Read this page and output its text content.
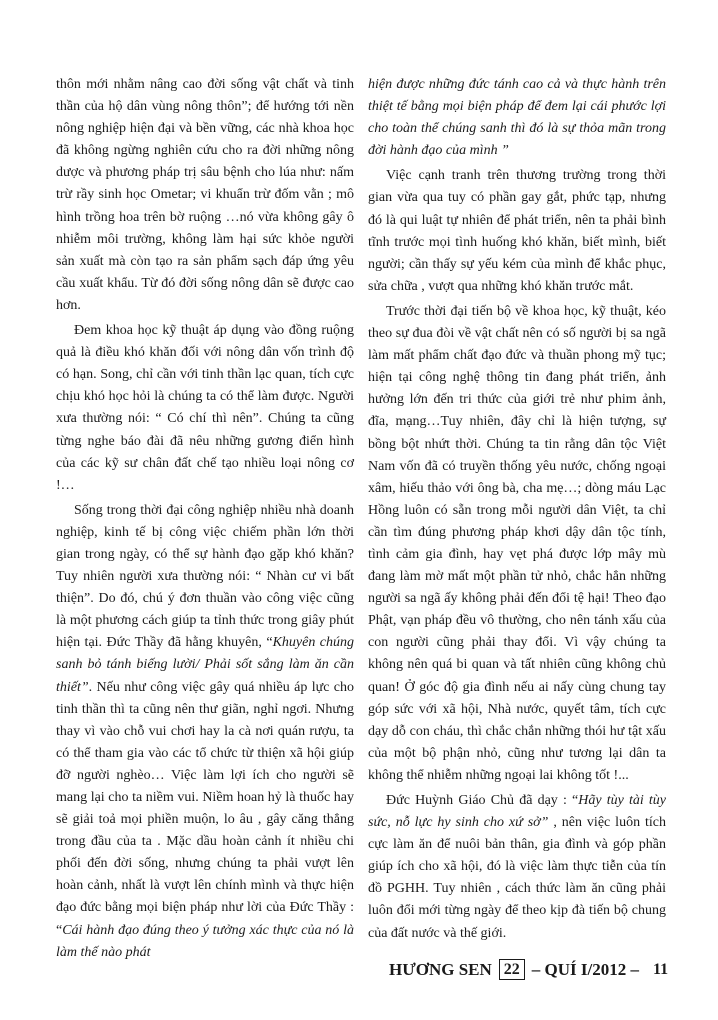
thôn mới nhằm nâng cao đời sống vật chất và tinh thần của hộ dân vùng nông thôn”; để hướng tới nền nông nghiệp hiện đại và bền vững, các nhà khoa học đã không ngừng nghiên cứu cho ra đời những nông dược và phương pháp trị sâu bệnh cho lúa như: nấm trừ rầy sinh học Ometar; vi khuẩn trừ đốm vằn ; mô hình trồng hoa trên bờ ruộng …nó vừa không gây ô nhiễm môi trường, không làm hại sức khỏe người sản xuất mà còn tạo ra sản phẩm sạch đáp ứng yêu cầu xuất khẩu. Từ đó đời sống nông dân sẽ được cao hơn.

Đem khoa học kỹ thuật áp dụng vào đồng ruộng quả là điều khó khăn đối với nông dân vốn trình độ có hạn. Song, chỉ cần với tinh thần lạc quan, tích cực chịu khó học hỏi là chúng ta có thể làm được. Người xưa thường nói: “ Có chí thì nên”. Chúng ta cũng từng nghe báo đài đã nêu những gương điển hình của các kỹ sư chân đất chế tạo nhiều loại nông cơ !…

Sống trong thời đại công nghiệp nhiều nhà doanh nghiệp, kinh tế bị công việc chiếm phần lớn thời gian trong ngày, có thể sự hành đạo gặp khó khăn? Tuy nhiên người xưa thường nói: “ Nhàn cư vi bất thiện”. Do đó, chú ý đơn thuần vào công việc cũng là một phương cách giúp ta tỉnh thức trong giây phút hiện tại. Đức Thầy đã hằng khuyên, “Khuyên chúng sanh bỏ tánh biếng lười/ Phải sốt sắng làm ăn cần thiết”. Nếu như công việc gây quá nhiều áp lực cho tinh thần thì ta cũng nên thư giãn, nghỉ ngơi. Nhưng thay vì vào chỗ vui chơi hay la cà nơi quán rượu, ta có thể tham gia vào các tổ chức từ thiện xã hội giúp đỡ người nghèo… Việc làm lợi ích cho người sẽ mang lại cho ta niềm vui. Niềm hoan hỷ là thuốc hay sẽ giải toả mọi phiền muộn, lo âu , gây căng thẳng trong đầu của ta . Mặc dầu hoàn cảnh ít nhiều chi phối đến đời sống, nhưng chúng ta phải vượt lên hoàn cảnh, nhất là vượt lên chính mình và thực hiện đạo đức bằng mọi biện pháp như lời của Đức Thầy : “Cái hành đạo đúng theo ý tưởng xác thực của nó là làm thế nào phát

hiện được những đức tánh cao cả và thực hành trên thiệt tế bằng mọi biện pháp để đem lại cái phước lợi cho toàn thể chúng sanh thì đó là sự thỏa mãn trong đời hành đạo của mình ”

Việc cạnh tranh trên thương trường trong thời gian vừa qua tuy có phần gay gắt, phức tạp, nhưng đó là qui luật tự nhiên để phát triển, nên ta phải bình tĩnh trước mọi tình huống khó khăn, biết mình, biết người; cần thấy sự yếu kém của mình để khắc phục, sửa chữa , vượt qua những khó khăn trước mắt.

Trước thời đại tiến bộ về khoa học, kỹ thuật, kéo theo sự đua đòi về vật chất nên có số người bị sa ngã làm mất phẩm chất đạo đức và thuần phong mỹ tục; hiện tại công nghệ thông tin đang phát triển, ảnh hưởng lớn đến tri thức của giới trẻ như phim ảnh, đĩa, mạng…Tuy nhiên, đây chỉ là hiện tượng, sự bồng bột nhứt thời. Chúng ta tin rằng dân tộc Việt Nam vốn đã có truyền thống yêu nước, chống ngoại xâm, hiếu thảo với ông bà, cha mẹ…; dòng máu Lạc Hồng luôn có sẵn trong mỗi người dân Việt, ta chỉ cần tìm đúng phương pháp khơi dậy dân tộc tính, tình cảm gia đình, hay vẹt phá được lớp mây mù đang làm mờ mất một phần tử nhỏ, chắc hẳn những người sa ngã ấy không phải đến đổi tệ hại! Theo đạo Phật, vạn pháp đều vô thường, cho nên tánh xấu của con người cũng phải thay đổi. Vì vậy chúng ta không nên quá bi quan và tất nhiên cũng không chủ quan! Ở góc độ gia đình nếu ai nấy cùng chung tay góp sức với xã hội, Nhà nước, quyết tâm, tích cực dạy dỗ con cháu, thì chắc chắn những thói hư tật xấu của một bộ phận nhỏ, cũng như tương lại dân ta không thể nhiễm những ngoại lai không tốt !...

Đức Huỳnh Giáo Chủ đã dạy : “Hãy tùy tài tùy sức, nỗ lực hy sinh cho xứ sở” , nên việc luôn tích cực làm ăn để nuôi bản thân, gia đình và góp phần giúp ích cho xã hội, đó là việc làm thực tiễn của tín đồ PGHH. Tuy nhiên , cách thức làm ăn cũng phải luôn đổi mới từng ngày để theo kịp đà tiến bộ chung của đất nước và thế giới.

HƯƠNG SEN 22 – QUÍ I/2012 – 11
